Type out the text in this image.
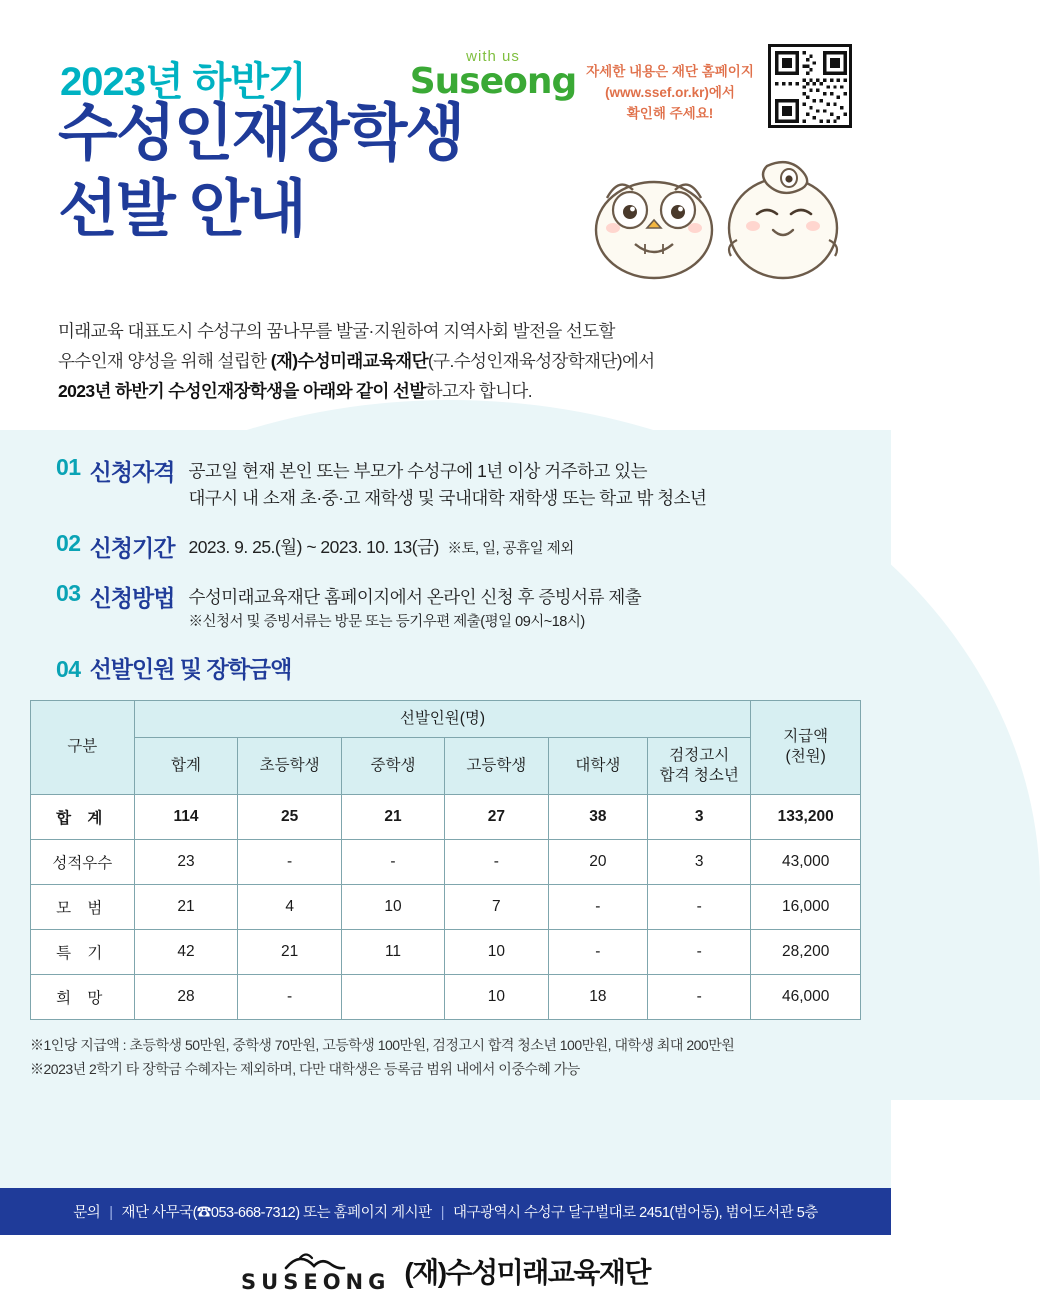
2023년 하반기
수성인재장학생
선발 안내
with us
Suseong 자세한 내용은 재단 홈페이지
(www.ssef.or.kr)에서
확인해 주세요!
미래교육 대표도시 수성구의 꿈나무를 발굴·지원하여 지역사회 발전을 선도할
우수인재 양성을 위해 설립한 (재)수성미래교육재단(구.수성인재육성장학재단)에서
2023년 하반기 수성인재장학생을 아래와 같이 선발하고자 합니다.
01 신청자격 공고일 현재 본인 또는 부모가 수성구에 1년 이상 거주하고 있는
대구시 내 소재 초·중·고 재학생 및 국내대학 재학생 또는 학교 밖 청소년
02 신청기간 2023. 9. 25.(월) ~ 2023. 10. 13(금) ※토, 일, 공휴일 제외
03 신청방법 수성미래교육재단 홈페이지에서 온라인 신청 후 증빙서류 제출
※신청서 및 증빙서류는 방문 또는 등기우편 제출(평일 09시~18시)
04 선발인원 및 장학금액
구분	선발인원(명)						지급액
(천원)

	합계	초등학생	중학생	고등학생	대학생	검정고시
합격 청소년	

합 계	114	25	21	27	38	3	133,200
성적우수	23	-	-	-	20	3	43,000
모 범	21	4	10	7	-	-	16,000
특 기	42	21	11	10	-	-	28,200
희 망	28	-		10	18	-	46,000
※1인당 지급액 : 초등학생 50만원, 중학생 70만원, 고등학생 100만원, 검정고시 합격 청소년 100만원, 대학생 최대 200만원
※2023년 2학기 타 장학금 수혜자는 제외하며, 다만 대학생은 등록금 범위 내에서 이중수혜 가능
문의 | 재단 사무국(☎053-668-7312) 또는 홈페이지 게시판 | 대구광역시 수성구 달구벌대로 2451(범어동), 범어도서관 5층
SUSEONG (재)수성미래교육재단
